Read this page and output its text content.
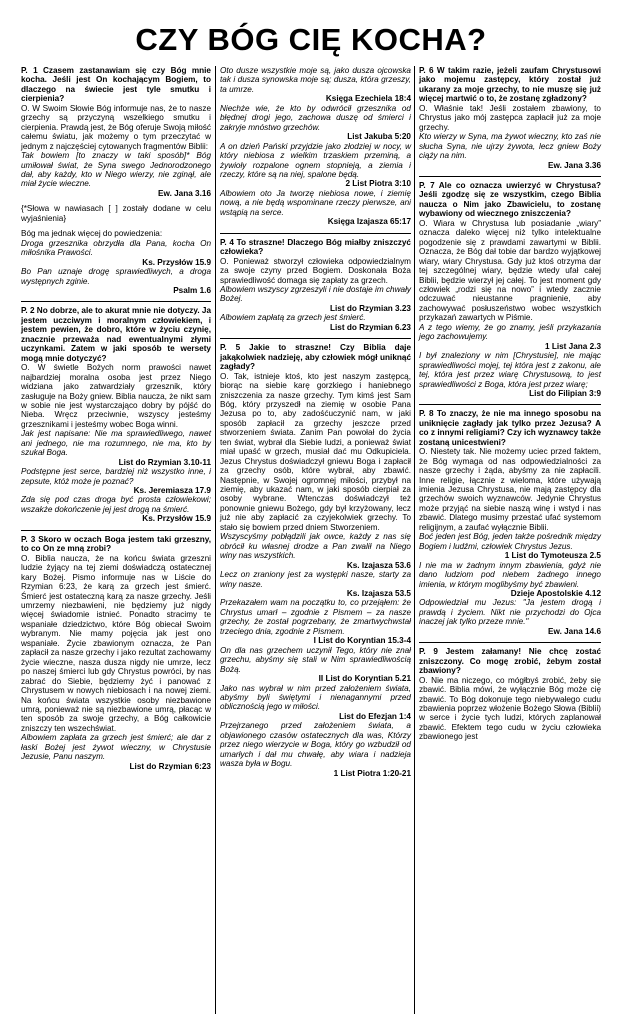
CZY BÓG CIĘ KOCHA?
P. 1 Czasem zastanawiam się czy Bóg mnie kocha. Jeśli jest On kochającym Bogiem, to dlaczego na świecie jest tyle smutku i cierpienia?
O. W Swoim Słowie Bóg informuje nas, że to nasze grzechy są przyczyną wszelkiego smutku i cierpienia. Prawdą jest, że Bóg oferuje Swoją miłość całemu światu, jak możemy o tym przeczytać w jednym z najczęściej cytowanych fragmentów Biblii:
Tak bowiem [to znaczy w taki sposób]* Bóg umiłował świat, że Syna swego Jednorodzonego dał, aby każdy, kto w Niego wierzy, nie zginął, ale miał życie wieczne.
Ew. Jana 3.16
{*Słowa w nawiasach [ ] zostały dodane w celu wyjaśnienia}
Bóg ma jednak więcej do powiedzenia:
Droga grzesznika obrzydła dla Pana, kocha On miłośnika Prawości.
Ks. Przysłów 15.9
Bo Pan uznaje drogę sprawiedliwych, a droga występnych zginie.
Psalm 1.6
P. 2 No dobrze, ale to akurat mnie nie dotyczy. Ja jestem uczciwym i moralnym człowiekiem, i jestem pewien, że dobro, które w życiu czynię, znacznie przeważa nad ewentualnymi złymi uczynkami. Zatem w jaki sposób te wersety mogą mnie dotyczyć?
O. W świetle Bożych norm prawości nawet najbardziej moralna osoba jest przez Niego widziana jako zatwardziały grzesznik, który zasługuje na Boży gniew. Biblia naucza, że nikt sam w sobie nie jest wystarczająco dobry by pójść do Nieba. Wręcz przeciwnie, wszyscy jesteśmy grzesznikami i jesteśmy wobec Boga winni.
Jak jest napisane: Nie ma sprawiedliwego, nawet ani jednego, nie ma rozumnego, nie ma, kto by szukał Boga.
List do Rzymian 3.10-11
Podstępne jest serce, bardziej niż wszystko inne, i zepsute, któż może je poznać?
Ks. Jeremiasza 17.9
Zda się pod czas droga być prosta człowiekowi; wszakże dokończenie jej jest drogą na śmierć.
Ks. Przysłów 15.9
P. 3 Skoro w oczach Boga jestem taki grzeszny, to co On ze mną zrobi?
O. Biblia naucza, że na końcu świata grzeszni ludzie żyjący na tej ziemi doświadczą ostatecznej kary Bożej. Pismo informuje nas w Liście do Rzymian 6:23, że karą za grzech jest śmierć. Śmierć jest ostateczną karą za nasze grzechy. Jeśli umrzemy niezbawieni, nie będziemy już nigdy więcej świadomie istnieć. Ponadto stracimy te wspaniałe dziedzictwo, które Bóg obiecał Swoim wybranym. Nie mamy pojęcia jak jest ono wspaniałe. Życie zbawionym oznacza, że Pan zapłacił za nasze grzechy i jako rezultat zachowamy życie wieczne, nasza dusza nigdy nie umrze, lecz po naszej śmierci lub gdy Chrystus powróci, by nas zabrać do Siebie, będziemy żyć i panować z Chrystusem w nowych niebiosach i na nowej ziemi. Na końcu świata wszystkie osoby niezbawione umrą, ponieważ nie są niezbawione umrą, płacąc w ten sposób za swoje grzechy, a Bóg całkowicie zniszczy ten wszechświat.
Albowiem zapłata za grzech jest śmierć; ale dar z łaski Bożej jest żywot wieczny, w Chrystusie Jezusie, Panu naszym.
List do Rzymian 6:23
Oto dusze wszystkie moje są, jako dusza ojcowska tak i dusza synowska moje są; dusza, która grzeszy, ta umrze.
Księga Ezechiela 18:4
Niechże wie, że kto by odwrócił grzesznika od błędnej drogi jego, zachowa duszę od śmierci i zakryje mnóstwo grzechów.
List Jakuba 5:20
A on dzień Pański przyjdzie jako złodziej w nocy, w który niebiosa z wielkim trzaskiem przeminą, a żywioły rozpalone ognem stopnieją, a ziemia i rzeczy, które są na niej, spalone będą.
2 List Piotra 3:10
Albowiem oto Ja tworzę niebiosa nowe, i ziemię nową, a nie będą wspominane rzeczy pierwsze, ani wstąpią na serce.
Księga Izajasza 65:17
P. 4 To straszne! Dlaczego Bóg miałby zniszczyć człowieka?
O. Ponieważ stworzył człowieka odpowiedzialnym za swoje czyny przed Bogiem. Doskonała Boża sprawiedliwość domaga się zapłaty za grzech.
Albowiem wszyscy zgrzeszyli i nie dostaje im chwały Bożej.
List do Rzymian 3.23
Albowiem zapłatą za grzech jest śmierć.
List do Rzymian 6.23
P. 5 Jakie to straszne! Czy Biblia daje jakąkolwiek nadzieję, aby człowiek mógł uniknąć zagłady?
O. Tak, istnieje ktoś, kto jest naszym zastępcą, biorąc na siebie karę gorzkiego i haniebnego zniszczenia za nasze grzechy. Tym kimś jest Sam Bóg, który przyszedł na ziemię w osobie Pana Jezusa po to, aby zadośćuczynić nam, w jaki sposób zapłacił za grzechy jeszcze przed stworzeniem świata. Zanim Pan powołał do życia ten świat, wybrał dla Siebie ludzi, a ponieważ świat miał upaść w grzech, musiał dać mu Odkupiciela. Jezus Chrystus doświadczył gniewu Boga i zapłacił za grzechy osób, które wybrał, aby zbawić. Następnie, w Swojej ogromnej miłości, przybył na ziemię, aby ukazać nam, w jaki sposób cierpiał za osoby wybrane. Wtenczas doświadczył też ponownie gniewu Bożego, gdy był krzyżowany, lecz już nie aby zapłacić za czyjekolwiek grzechy. To stało się bowiem przed dniem Stworzeniem.
Wszyscyśmy pobłądzili jak owce, każdy z nas się obrócił ku własnej drodze a Pan zwalił na Niego winy nas wszystkich.
Ks. Izajasza 53.6
Lecz on zraniony jest za występki nasze, starty za winy nasze.
Ks. Izajasza 53.5
Przekazałem wam na początku to, co przejąłem: że Chrystus umarł – zgodnie z Pismem – za nasze grzechy, że został pogrzebany, że zmartwychwstał trzeciego dnia, zgodnie z Pismem.
I List do Koryntian 15.3-4
On dla nas grzechem uczynił Tego, który nie znał grzechu, abyśmy się stali w Nim sprawiedliwością Bożą.
II List do Koryntian 5.21
Jako nas wybrał w nim przed założeniem świata, abyśmy byli świętymi i nienagannymi przed oblicznością jego w miłości.
List do Efezjan 1:4
Przejrzanego przed założeniem świata, a objawionego czasów ostatecznych dla was, Którzy przez niego wierzycie w Boga, który go wzbudził od umarłych i dał mu chwałę, aby wiara i nadzieja wasza była w Bogu.
1 List Piotra 1:20-21
P. 6 W takim razie, jeżeli zaufam Chrystusowi jako mojemu zastępcy, który został już ukarany za moje grzechy, to nie muszę się już więcej martwić o to, że zostanę zgładzony?
O. Właśnie tak! Jeśli zostałem zbawiony, to Chrystus jako mój zastępca zapłacił już za moje grzechy.
Kto wierzy w Syna, ma żywot wieczny, kto zaś nie słucha Syna, nie ujrzy żywota, lecz gniew Boży ciąży na nim.
Ew. Jana 3.36
P. 7 Ale co oznacza uwierzyć w Chrystusa? Jeśli zgodzę się ze wszystkim, czego Biblia naucza o Nim jako Zbawicielu, to zostanę wybawiony od wiecznego zniszczenia?
O. Wiara w Chrystusa lub posiadanie „wiary” oznacza daleko więcej niż tylko intelektualne pogodzenie się z prawdami zawartymi w Biblii. Oznacza, że Bóg dał tobie dar bardzo wyjątkowej wiary, wiary Chrystusa. Gdy już ktoś otrzyma dar tej szczególnej wiary, będzie wtedy ufał całej Biblii, będzie wierzył jej całej. To jest moment gdy człowiek „rodzi się na nowo” i wtedy zacznie odczuwać nieustanne pragnienie, aby zachowywać posłuszeństwo wobec wszystkich przykazań zawartych w Piśmie.
A z tego wiemy, że go znamy, jeśli przykazania jego zachowujemy.
1 List Jana 2.3
I był znaleziony w nim [Chrystusie], nie mając sprawiedliwości mojej, tej która jest z zakonu, ale tej, która jest przez wiarę Chrystusową, to jest sprawiedliwości z Boga, która jest przez wiarę;
List do Filipian 3:9
P. 8 To znaczy, że nie ma innego sposobu na uniknięcie zagłady jak tylko przez Jezusa? A co z innymi religiami? Czy ich wyznawcy także zostaną unicestwieni?
O. Niestety tak. Nie możemy uciec przed faktem, że Bóg wymaga od nas odpowiedzialności za nasze grzechy i żąda, abyśmy za nie zapłacili. Inne religie, łącznie z wieloma, które używają imienia Jezusa Chrystusa, nie mają zastępcy dla grzechów swoich wyznawców. Jedynie Chrystus może przyjąć na siebie naszą winę i wstyd i nas zbawić. Dlatego musimy przestać ufać systemom religijnym, a zaufać wyłącznie Biblii.
Boć jeden jest Bóg, jeden także pośrednik między Bogiem i ludźmi, człowiek Chrystus Jezus.
1 List do Tymoteusza 2.5
I nie ma w żadnym innym zbawienia, gdyż nie dano ludziom pod niebem żadnego innego imienia, w którym moglibyśmy być zbawieni.
Dzieje Apostolskie 4.12
Odpowiedział mu Jezus: "Ja jestem drogą i prawdą i życiem. Nikt nie przychodzi do Ojca inaczej jak tylko przeze mnie."
Ew. Jana 14.6
P. 9 Jestem załamany! Nie chcę zostać zniszczony. Co mogę zrobić, żebym został zbawiony?
O. Nie ma niczego, co mógłbyś zrobić, żeby się zbawić. Biblia mówi, że wyłącznie Bóg może cię zbawić. To Bóg dokonuje tego niebywałego cudu zbawienia poprzez włożenie Bożego Słowa (Biblii) w serce i życie tych ludzi, których zaplanował zbawić. Efektem tego cudu w życiu człowieka zbawionego jest
